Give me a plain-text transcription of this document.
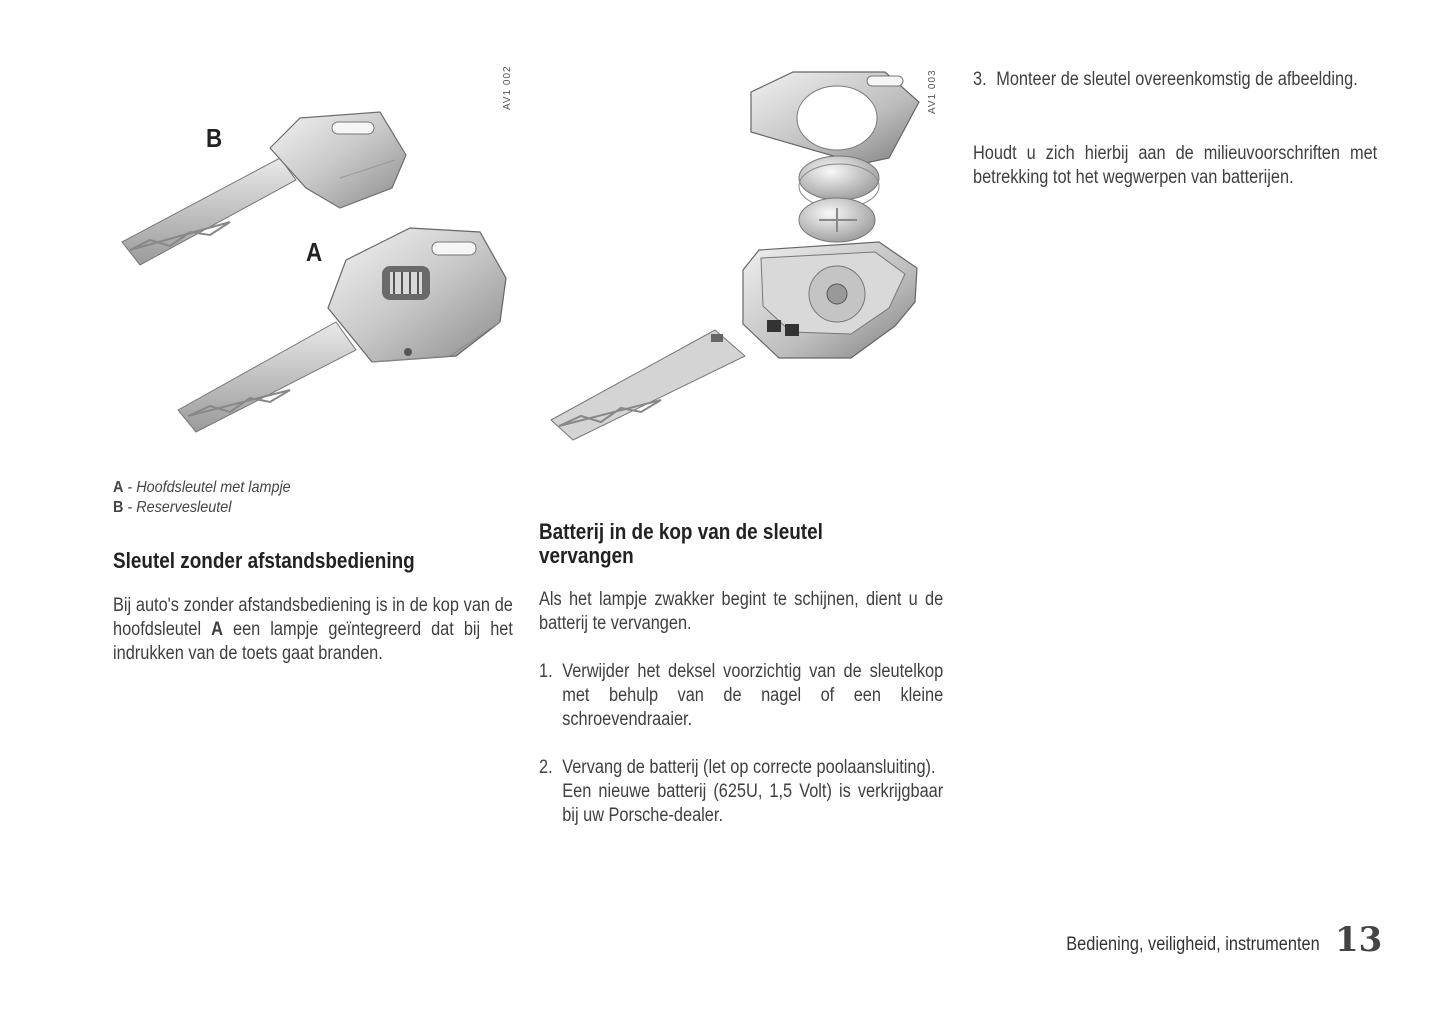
B
A
AV1 002
A - Hoofdsleutel met lampje
B - Reservesleutel
Sleutel zonder afstandsbediening
Bij auto's zonder afstandsbediening is in de kop van de hoofdsleutel A een lampje geïntegreerd dat bij het indrukken van de toets gaat branden.
AV1 003
Batterij in de kop van de sleutel vervangen
Als het lampje zwakker begint te schijnen, dient u de batterij te vervangen.
1. Verwijder het deksel voorzichtig van de sleutelkop met behulp van de nagel of een kleine schroevendraaier.
2. Vervang de batterij (let op correcte poolaansluiting).
Een nieuwe batterij (625U, 1,5 Volt) is verkrijgbaar bij uw Porsche-dealer.
3. Monteer de sleutel overeenkomstig de afbeelding.
Houdt u zich hierbij aan de milieuvoorschriften met betrekking tot het wegwerpen van batterijen.
Bediening, veiligheid, instrumenten 13
